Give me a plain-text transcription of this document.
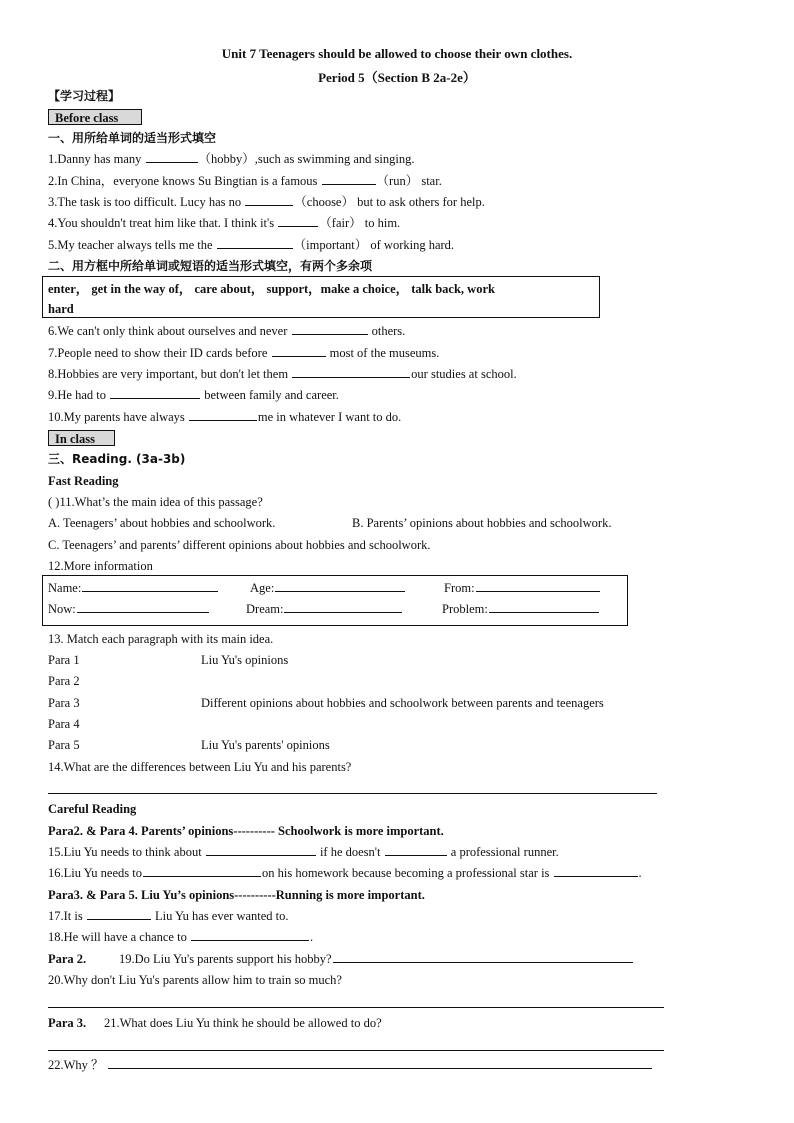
Unit 7 Teenagers should be allowed to choose their own clothes.
Period 5（Section B 2a-2e）
【学习过程】
Before class
一、用所给单词的适当形式填空
1.Danny has many	（hobby）,such as swimming and singing.
2.In China，everyone knows Su Bingtian is a famous	（run） star.
3.The task is too difficult. Lucy has no	（choose） but to ask others for help.
4.You shouldn't treat him like that. I think it's	（fair） to him.
5.My teacher always tells me the	（important） of working hard.
二、用方框中所给单词或短语的适当形式填空，有两个多余项
enter， get in the way of， care about， support，make a choice， talk back, work
hard
6.We can't only think about ourselves and never	others.
7.People need to show their ID cards before	most of the museums.
8.Hobbies are very important, but don't let them	our studies at school.
9.He had to	between family and career.
10.My parents have always	me in whatever I want to do.
In class
三、Reading. (3a-3b)
Fast Reading
( )11.What’s the main idea of this passage?
A. Teenagers’ about hobbies and schoolwork.	B. Parents’ opinions about hobbies and schoolwork.
C. Teenagers’ and parents’ different opinions about hobbies and schoolwork.
12.More information
Name:	Age:	From:
Now:	Dream:	Problem:
13. Match each paragraph with its main idea.
Para 1	Liu Yu's opinions
Para 2
Para 3	Different opinions about hobbies and schoolwork between parents and teenagers
Para 4
Para 5	Liu Yu's parents' opinions
14.What are the differences between Liu Yu and his parents?
Careful Reading
Para2. & Para 4. Parents’ opinions---------- Schoolwork is more important.
15.Liu Yu needs to think about	if he doesn't	a professional runner.
16.Liu Yu needs to	on his homework because becoming a professional star is	.
Para3. & Para 5. Liu Yu’s opinions----------Running is more important.
17.It is	Liu Yu has ever wanted to.
18.He will have a chance to	.
Para 2.	19.Do Liu Yu's parents support his hobby?
20.Why don't Liu Yu's parents allow him to train so much?
Para 3. 21.What does Liu Yu think he should be allowed to do?
22.Why ？
